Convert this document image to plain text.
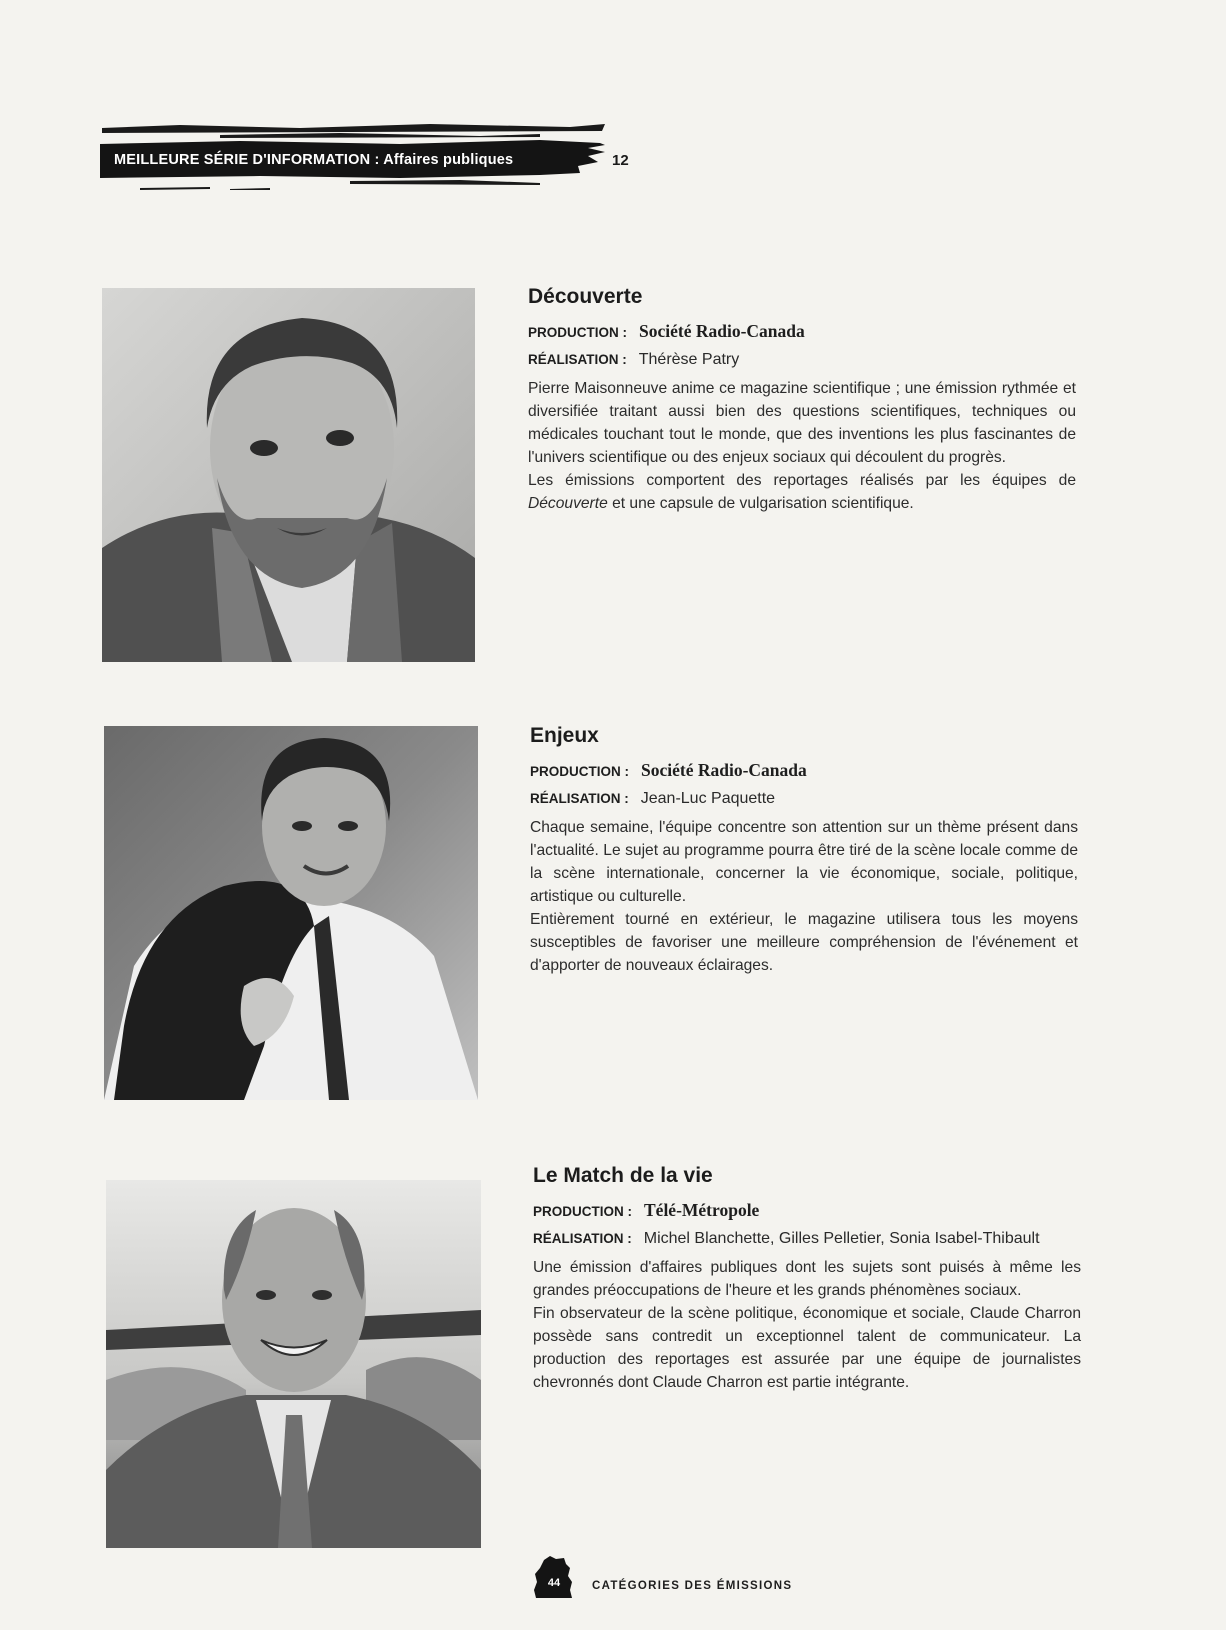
MEILLEURE SÉRIE D'INFORMATION : Affaires publiques	12
Découverte
PRODUCTION : Société Radio-Canada
RÉALISATION : Thérèse Patry

Pierre Maisonneuve anime ce magazine scientifique ; une émission rythmée et diversifiée traitant aussi bien des questions scientifiques, techniques ou médicales touchant tout le monde, que des inventions les plus fascinantes de l'univers scientifique ou des enjeux sociaux qui découlent du progrès.

Les émissions comportent des reportages réalisés par les équipes de Découverte et une capsule de vulgarisation scientifique.

Enjeux
PRODUCTION : Société Radio-Canada
RÉALISATION : Jean-Luc Paquette

Chaque semaine, l'équipe concentre son attention sur un thème présent dans l'actualité. Le sujet au programme pourra être tiré de la scène locale comme de la scène internationale, concerner la vie économique, sociale, politique, artistique ou culturelle.

Entièrement tourné en extérieur, le magazine utilisera tous les moyens susceptibles de favoriser une meilleure compréhension de l'événement et d'apporter de nouveaux éclairages.

Le Match de la vie
PRODUCTION : Télé-Métropole
RÉALISATION : Michel Blanchette, Gilles Pelletier, Sonia Isabel-Thibault

Une émission d'affaires publiques dont les sujets sont puisés à même les grandes préoccupations de l'heure et les grands phénomènes sociaux.

Fin observateur de la scène politique, économique et sociale, Claude Charron possède sans contredit un exceptionnel talent de communicateur. La production des reportages est assurée par une équipe de journalistes chevronnés dont Claude Charron est partie intégrante.

44	CATÉGORIES DES ÉMISSIONS
